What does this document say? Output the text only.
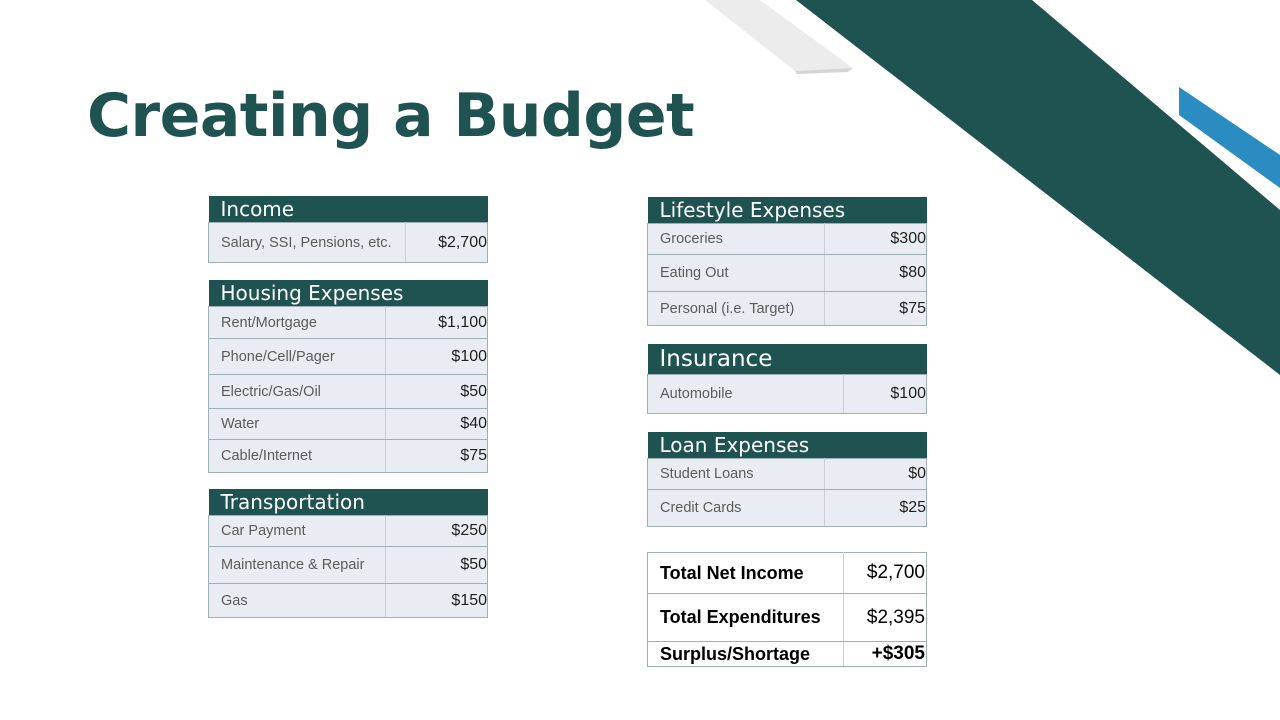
Creating a Budget
Income
Salary, SSI, Pensions, etc.	$2,700
Housing Expenses	
Rent/Mortgage	$1,100
Phone/Cell/Pager	$100
Electric/Gas/Oil	$50
Water	$40
Cable/Internet	$75
Transportation	
Car Payment	$250
Maintenance & Repair	$50
Gas	$150
Lifestyle Expenses	
Groceries	$300
Eating Out	$80
Personal (i.e. Target)	$75
Insurance
Automobile	$100
Loan Expenses	
Student Loans	$0
Credit Cards	$25
Total Net Income	$2,700
Total Expenditures	$2,395
Surplus/Shortage	+$305
